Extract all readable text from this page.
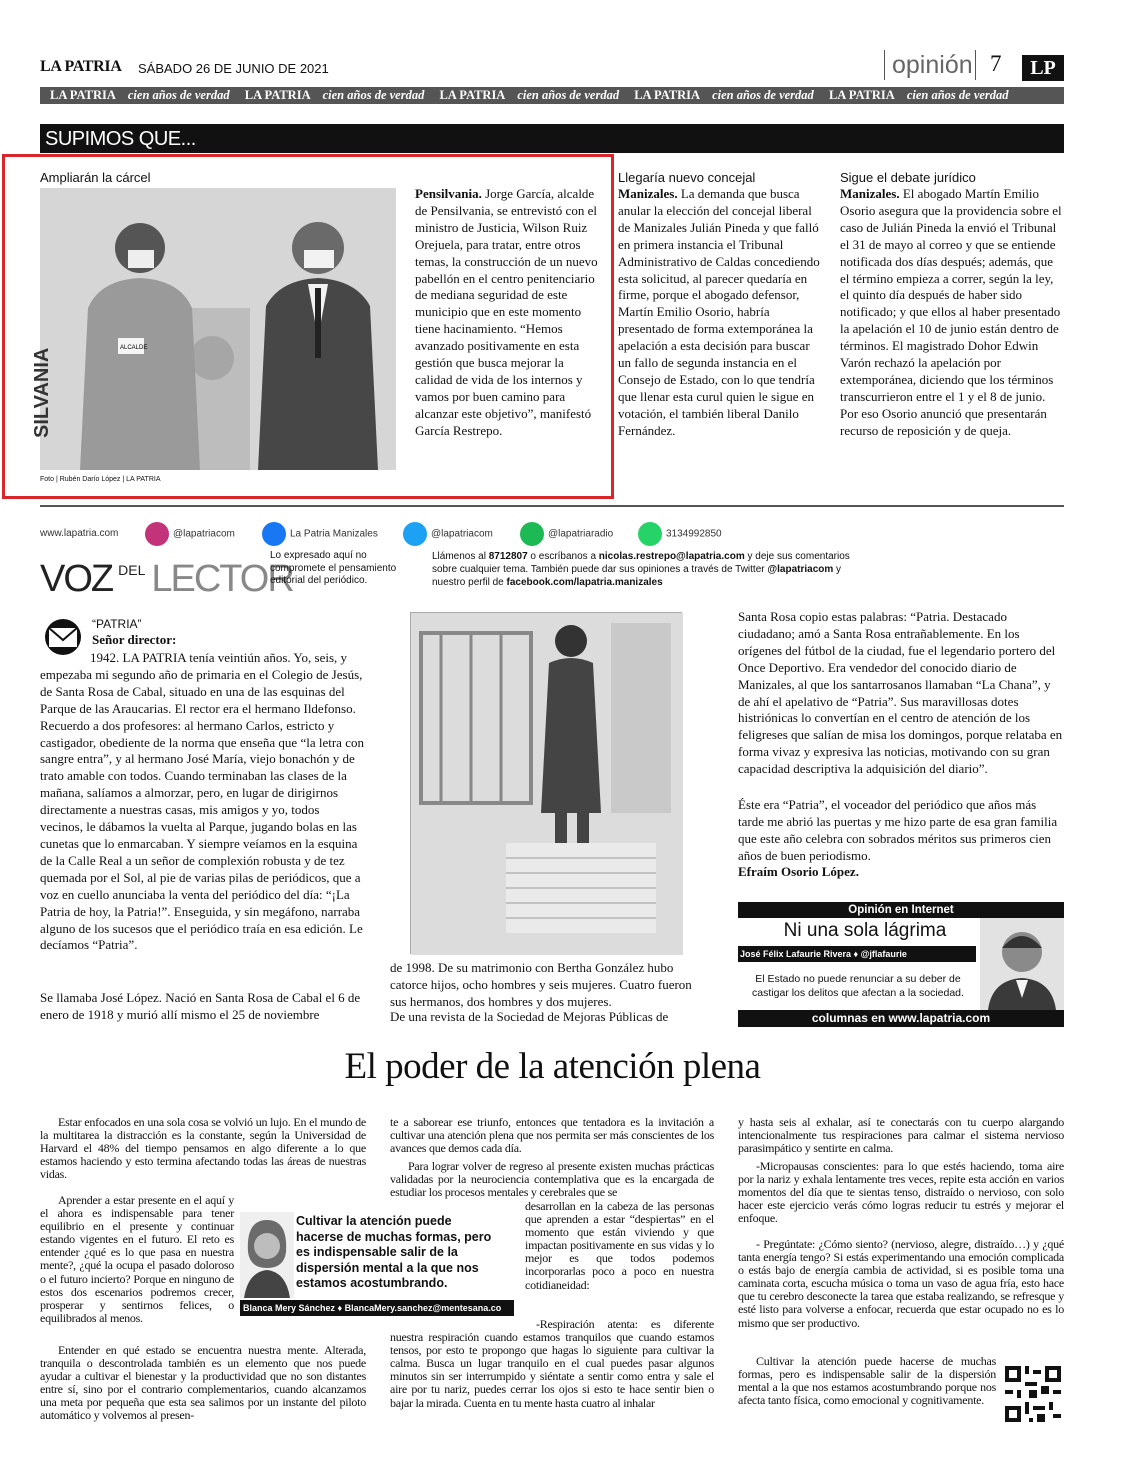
LA PATRIA SÁBADO 26 DE JUNIO DE 2021	opinión 7	LP
LA PATRIA cien años de verdad LA PATRIA cien años de verdad LA PATRIA cien años de verdad LA PATRIA cien años de verdad LA PATRIA cien años de verdad
SUPIMOS QUE...
Ampliarán la cárcel
ALCALDE
SILVANIA
Foto | Rubén Darío López | LA PATRIA
Pensilvania. Jorge García, alcalde de Pensilvania, se entrevistó con el ministro de Justicia, Wilson Ruiz Orejuela, para tratar, entre otros temas, la construcción de un nuevo pabellón en el centro penitenciario de mediana seguridad de este municipio que en este momento tiene hacinamiento. “Hemos avanzado positivamente en esta gestión que busca mejorar la calidad de vida de los internos y vamos por buen camino para alcanzar este objetivo”, manifestó García Restrepo.
Llegaría nuevo concejal
Manizales. La demanda que busca anular la elección del concejal liberal de Manizales Julián Pineda y que falló en primera instancia el Tribunal Administrativo de Caldas concediendo esta solicitud, al parecer quedaría en firme, porque el abogado defensor, Martín Emilio Osorio, habría presentado de forma extemporánea la apelación a esta decisión para buscar un fallo de segunda instancia en el Consejo de Estado, con lo que tendría que llenar esta curul quien le sigue en votación, el también liberal Danilo Fernández.
Sigue el debate jurídico
Manizales. El abogado Martín Emilio Osorio asegura que la providencia sobre el caso de Julián Pineda la envió el Tribunal el 31 de mayo al correo y que se entiende notificada dos días después; además, que el término empieza a correr, según la ley, el quinto día después de haber sido notificado; y que ellos al haber presentado la apelación el 10 de junio están dentro de términos. El magistrado Dohor Edwin Varón rechazó la apelación por extemporánea, diciendo que los términos transcurrieron entre el 1 y el 8 de junio. Por eso Osorio anunció que presentarán recurso de reposición y de queja.
www.lapatria.com	@lapatriacom	La Patria Manizales	@lapatriacom	@lapatriaradio	3134992850
VOZ $^{DEL}$ LECTOR
Lo expresado aquí no compromete el pensamiento editorial del periódico.
Llámenos al 8712807 o escríbanos a nicolas.restrepo@lapatria.com y deje sus comentarios sobre cualquier tema. También puede dar sus opiniones a través de Twitter @lapatriacom y nuestro perfil de facebook.com/lapatria.manizales
“PATRIA”
Señor director:
1942. LA PATRIA tenía veintiún años. Yo, seis, y empezaba mi segundo año de primaria en el Colegio de Jesús, de Santa Rosa de Cabal, situado en una de las esquinas del Parque de las Araucarias. El rector era el hermano Ildefonso. Recuerdo a dos profesores: al hermano Carlos, estricto y castigador, obediente de la norma que enseña que “la letra con sangre entra”, y al hermano José María, viejo bonachón y de trato amable con todos. Cuando terminaban las clases de la mañana, salíamos a almorzar, pero, en lugar de dirigirnos directamente a nuestras casas, mis amigos y yo, todos vecinos, le dábamos la vuelta al Parque, jugando bolas en las cunetas que lo enmarcaban. Y siempre veíamos en la esquina de la Calle Real a un señor de complexión robusta y de tez quemada por el Sol, al pie de varias pilas de periódicos, que a voz en cuello anunciaba la venta del periódico del día: “¡La Patria de hoy, la Patria!”. Enseguida, y sin megáfono, narraba alguno de los sucesos que el periódico traía en esa edición. Le decíamos “Patria”.
Se llamaba José López. Nació en Santa Rosa de Cabal el 6 de enero de 1918 y murió allí mismo el 25 de noviembre
de 1998. De su matrimonio con Bertha González hubo catorce hijos, ocho hombres y seis mujeres. Cuatro fueron sus hermanos, dos hombres y dos mujeres.
De una revista de la Sociedad de Mejoras Públicas de
Santa Rosa copio estas palabras: “Patria. Destacado ciudadano; amó a Santa Rosa entrañablemente. En los orígenes del fútbol de la ciudad, fue el legendario portero del Once Deportivo. Era vendedor del conocido diario de Manizales, al que los santarrosanos llamaban “La Chana”, y de ahí el apelativo de “Patria”. Sus maravillosas dotes histriónicas lo convertían en el centro de atención de los feligreses que salían de misa los domingos, porque relataba en forma vivaz y expresiva las noticias, motivando con su gran capacidad descriptiva la adquisición del diario”.
Éste era “Patria”, el voceador del periódico que años más tarde me abrió las puertas y me hizo parte de esa gran familia que este año celebra con sobrados méritos sus primeros cien años de buen periodismo.
Efraím Osorio López.
Opinión en Internet
Ni una sola lágrima
José Félix Lafaurie Rivera ♦ @jflafaurie
El Estado no puede renunciar a su deber de castigar los delitos que afectan a la sociedad.
columnas en www.lapatria.com
El poder de la atención plena
Estar enfocados en una sola cosa se volvió un lujo. En el mundo de la multitarea la distracción es la constante, según la Universidad de Harvard el 48% del tiempo pensamos en algo diferente a lo que estamos haciendo y esto termina afectando todas las áreas de nuestras vidas.
Aprender a estar presente en el aquí y el ahora es indispensable para tener equilibrio en el presente y continuar estando vigentes en el futuro. El reto es entender ¿qué es lo que pasa en nuestra mente?, ¿qué la ocupa el pasado doloroso o el futuro incierto? Porque en ninguno de estos dos escenarios podremos crecer, prosperar y sentirnos felices, o equilibrados al menos.
Entender en qué estado se encuentra nuestra mente. Alterada, tranquila o descontrolada también es un elemento que nos puede ayudar a cultivar el bienestar y la productividad que no son distantes entre sí, sino por el contrario complementarios, cuando alcanzamos una meta por pequeña que esta sea salimos por un instante del piloto automático y volvemos al presen-
te a saborear ese triunfo, entonces que tentadora es la invitación a cultivar una atención plena que nos permita ser más conscientes de los avances que demos cada día.
Para lograr volver de regreso al presente existen muchas prácticas validadas por la neurociencia contemplativa que es la encargada de estudiar los procesos mentales y cerebrales que se
desarrollan en la cabeza de las personas que aprenden a estar “despiertas” en el momento que están viviendo y que impactan positivamente en sus vidas y lo mejor es que todos podemos incorporarlas poco a poco en nuestra cotidianeidad:
-Respiración atenta: es diferente nuestra respiración cuando estamos tranquilos que cuando estamos tensos, por esto te propongo que hagas lo siguiente para cultivar la calma. Busca un lugar tranquilo en el cual puedes pasar algunos minutos sin ser interrumpido y siéntate a sentir como entra y sale el aire por tu nariz, puedes cerrar los ojos si esto te hace sentir bien o bajar la mirada. Cuenta en tu mente hasta cuatro al inhalar
Cultivar la atención puede hacerse de muchas formas, pero es indispensable salir de la dispersión mental a la que nos estamos acostumbrando.
Blanca Mery Sánchez ♦ BlancaMery.sanchez@mentesana.co
y hasta seis al exhalar, así te conectarás con tu cuerpo alargando intencionalmente tus respiraciones para calmar el sistema nervioso parasimpático y sentirte en calma.
-Micropausas conscientes: para lo que estés haciendo, toma aire por la nariz y exhala lentamente tres veces, repite esta acción en varios momentos del día que te sientas tenso, distraído o nervioso, con solo hacer este ejercicio verás cómo logras reducir tu estrés y mejorar el enfoque.
- Pregúntate: ¿Cómo siento? (nervioso, alegre, distraído…) y ¿qué tanta energía tengo? Si estás experimentando una emoción complicada o estás bajo de energía cambia de actividad, si es posible toma una caminata corta, escucha música o toma un vaso de agua fría, esto hace que tu cerebro desconecte la tarea que estaba realizando, se refresque y esté listo para volverse a enfocar, recuerda que estar ocupado no es lo mismo que ser productivo.
Cultivar la atención puede hacerse de muchas formas, pero es indispensable salir de la dispersión mental a la que nos estamos acostumbrando porque nos afecta tanto física, como emocional y cognitivamente.
